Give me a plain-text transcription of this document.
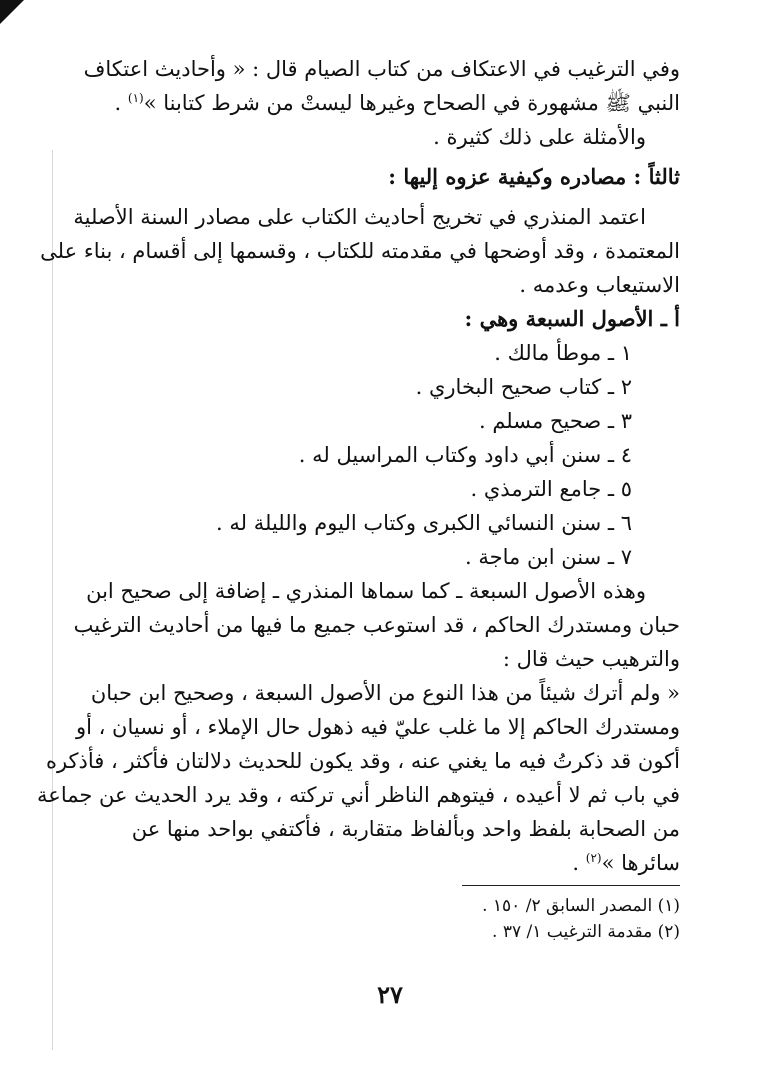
وفي الترغيب في الاعتكاف من كتاب الصيام قال : « وأحاديث اعتكاف
النبي ﷺ مشهورة في الصحاح وغيرها ليستْ من شرط كتابنا »$^{(١)}$ .
والأمثلة على ذلك كثيرة .
ثالثاً : مصادره وكيفية عزوه إليها :
اعتمد المنذري في تخريج أحاديث الكتاب على مصادر السنة الأصلية
المعتمدة ، وقد أوضحها في مقدمته للكتاب ، وقسمها إلى أقسام ، بناء على
الاستيعاب وعدمه .
أ ـ الأصول السبعة وهي :
١ ـ موطأ مالك .
٢ ـ كتاب صحيح البخاري .
٣ ـ صحيح مسلم .
٤ ـ سنن أبي داود وكتاب المراسيل له .
٥ ـ جامع الترمذي .
٦ ـ سنن النسائي الكبرى وكتاب اليوم والليلة له .
٧ ـ سنن ابن ماجة .
وهذه الأصول السبعة ـ كما سماها المنذري ـ إضافة إلى صحيح ابن
حبان ومستدرك الحاكم ، قد استوعب جميع ما فيها من أحاديث الترغيب
والترهيب حيث قال :
« ولم أترك شيئاً من هذا النوع من الأصول السبعة ، وصحيح ابن حبان
ومستدرك الحاكم إلا ما غلب عليّ فيه ذهول حال الإملاء ، أو نسيان ، أو
أكون قد ذكرتُ فيه ما يغني عنه ، وقد يكون للحديث دلالتان فأكثر ، فأذكره
في باب ثم لا أعيده ، فيتوهم الناظر أني تركته ، وقد يرد الحديث عن جماعة
من الصحابة بلفظ واحد وبألفاظ متقاربة ، فأكتفي بواحد منها عن
سائرها »$^{(٢)}$ .
(١) المصدر السابق ٢/ ١٥٠ .
(٢) مقدمة الترغيب ١/ ٣٧ .
٢٧
